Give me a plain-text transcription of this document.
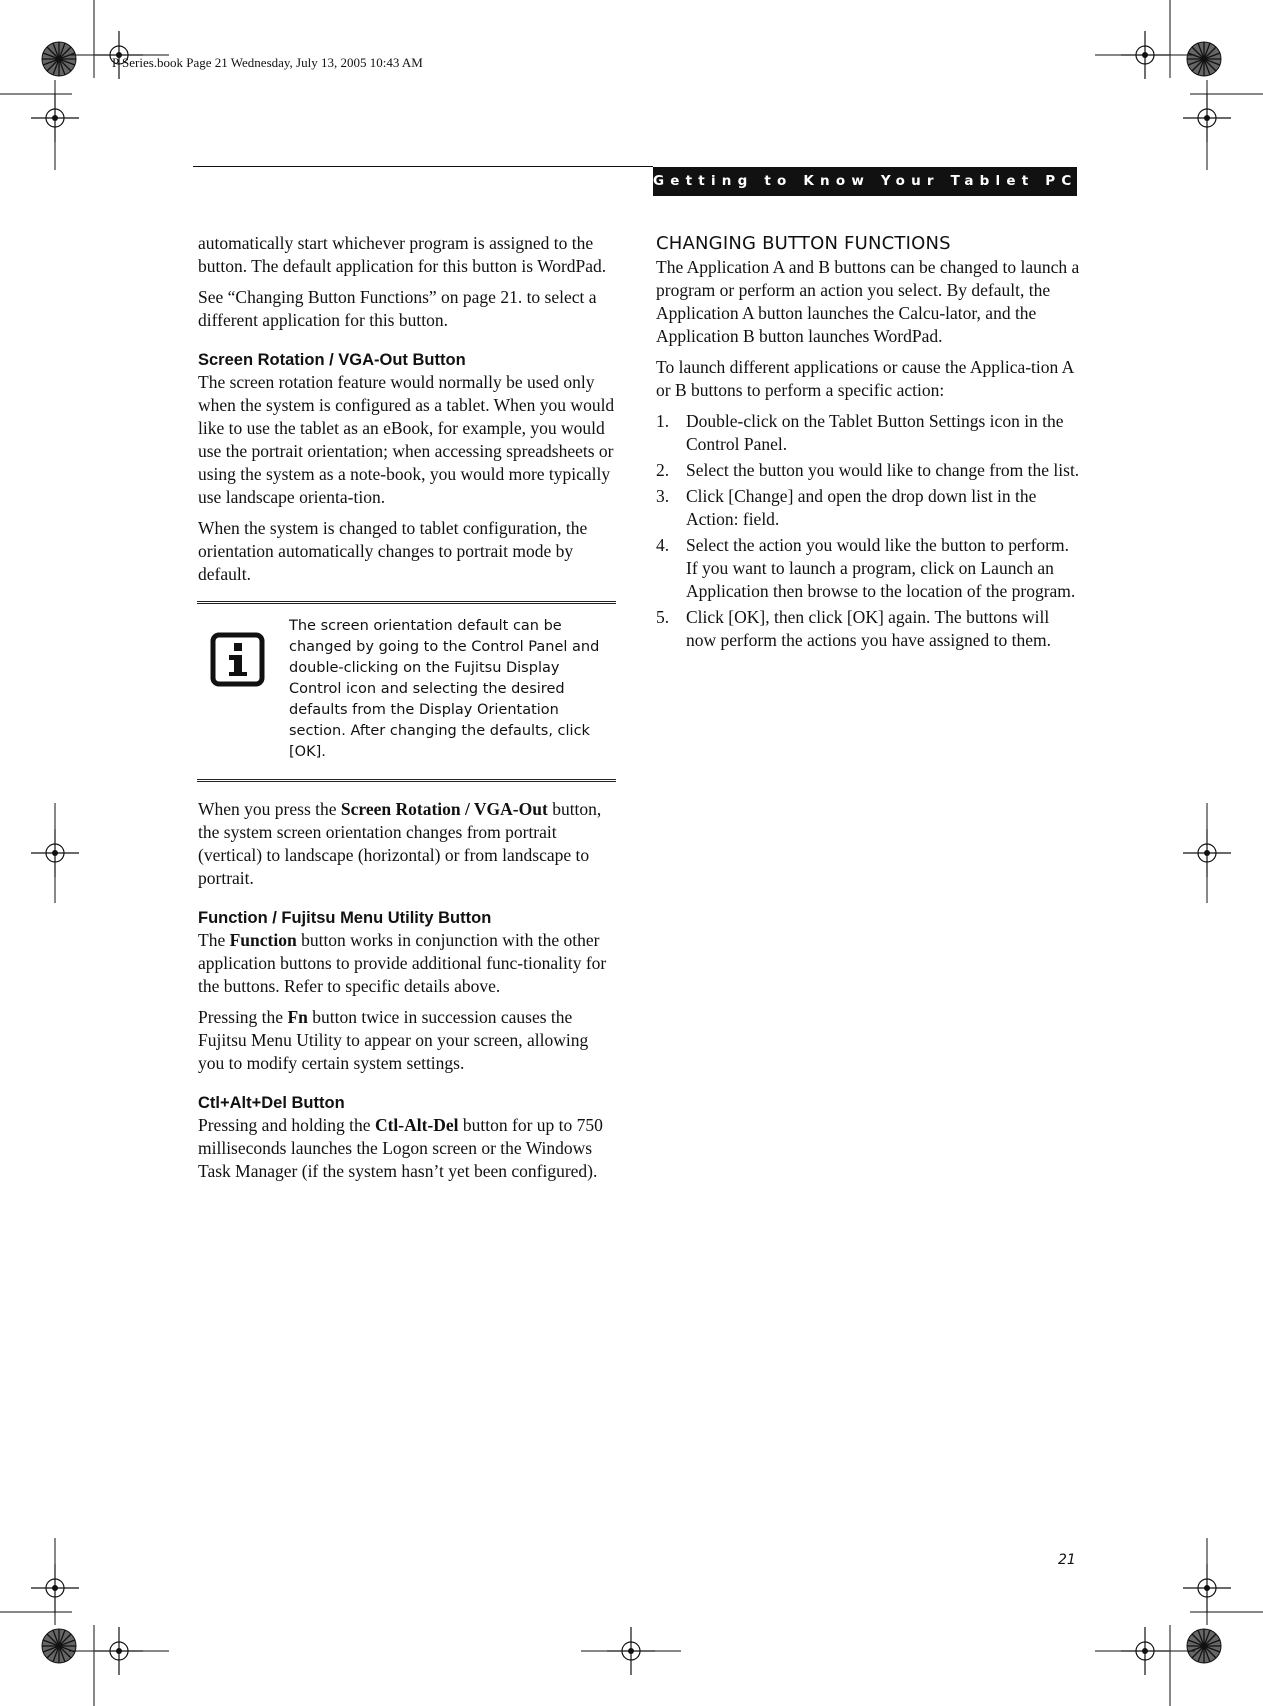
P Series.book Page 21 Wednesday, July 13, 2005 10:43 AM
Getting to Know Your Tablet PC

automatically start whichever program is assigned to the button. The default application for this button is WordPad.

See “Changing Button Functions” on page 21. to select a different application for this button.

Screen Rotation / VGA-Out Button

The screen rotation feature would normally be used only when the system is configured as a tablet. When you would like to use the tablet as an eBook, for example, you would use the portrait orientation; when accessing spreadsheets or using the system as a note-book, you would more typically use landscape orienta-tion.

When the system is changed to tablet configuration, the orientation automatically changes to portrait mode by default.

The screen orientation default can be changed by going to the Control Panel and double-clicking on the Fujitsu Display Control icon and selecting the desired defaults from the Display Orientation section. After changing the defaults, click [OK].

When you press the Screen Rotation / VGA-Out button, the system screen orientation changes from portrait (vertical) to landscape (horizontal) or from landscape to portrait.

Function / Fujitsu Menu Utility Button

The Function button works in conjunction with the other application buttons to provide additional func-tionality for the buttons. Refer to specific details above.

Pressing the Fn button twice in succession causes the Fujitsu Menu Utility to appear on your screen, allowing you to modify certain system settings.

Ctl+Alt+Del Button

Pressing and holding the Ctl-Alt-Del button for up to 750 milliseconds launches the Logon screen or the Windows Task Manager (if the system hasn’t yet been configured).

CHANGING BUTTON FUNCTIONS

The Application A and B buttons can be changed to launch a program or perform an action you select. By default, the Application A button launches the Calcu-lator, and the Application B button launches WordPad.

To launch different applications or cause the Applica-tion A or B buttons to perform a specific action:

1. Double-click on the Tablet Button Settings icon in the Control Panel.
2. Select the button you would like to change from the list.
3. Click [Change] and open the drop down list in the Action: field.
4. Select the action you would like the button to perform. If you want to launch a program, click on Launch an Application then browse to the location of the program.
5. Click [OK], then click [OK] again. The buttons will now perform the actions you have assigned to them.
21
